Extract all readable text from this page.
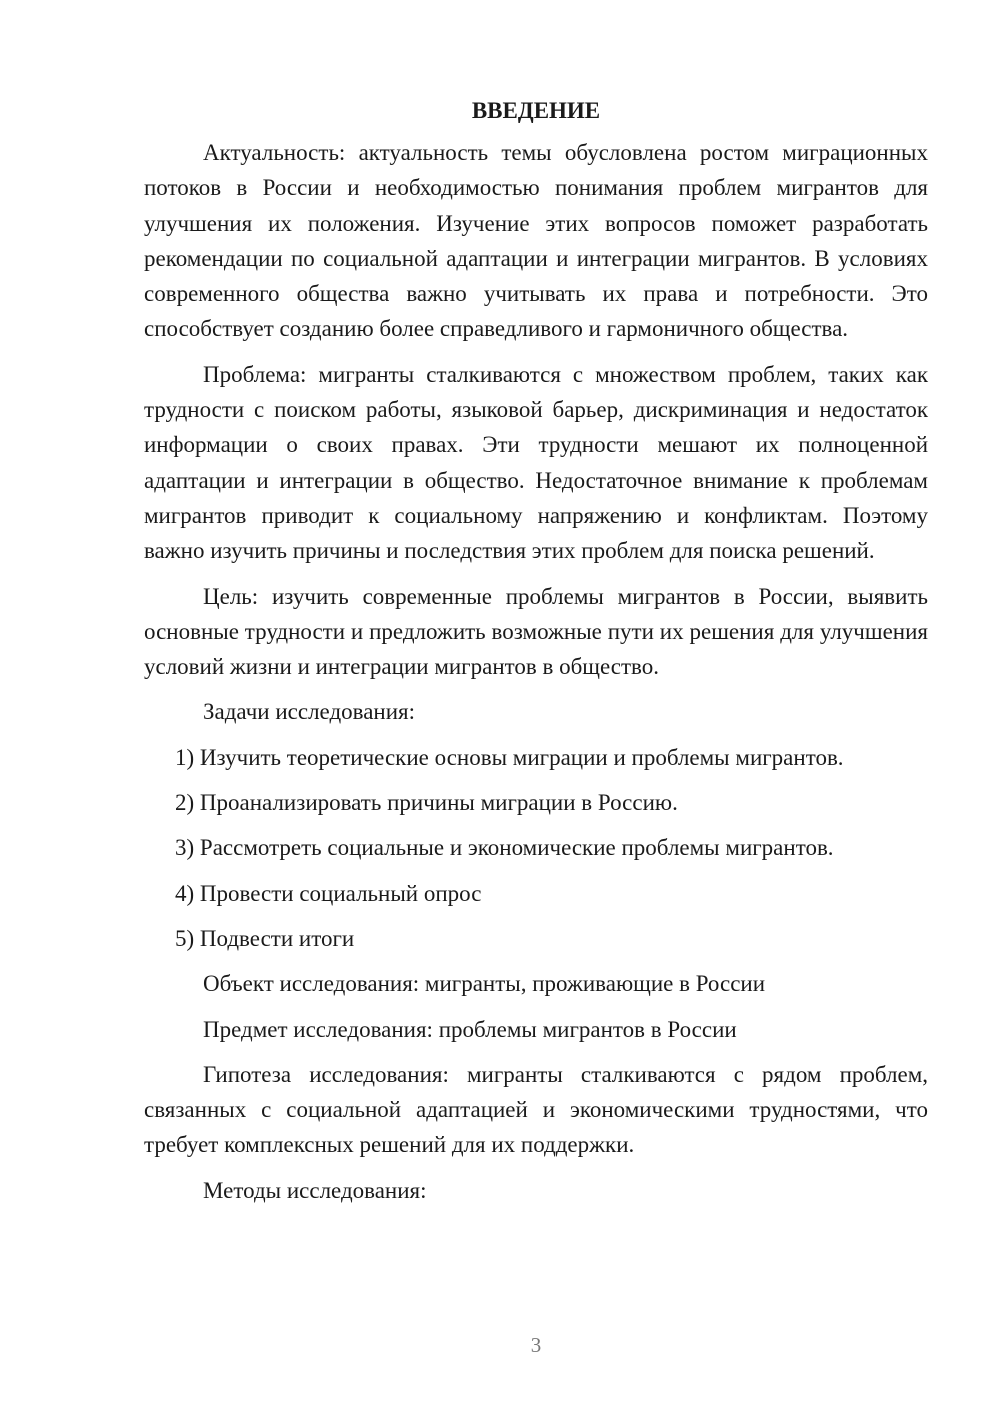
ВВЕДЕНИЕ

Актуальность: актуальность темы обусловлена ростом миграционных потоков в России и необходимостью понимания проблем мигрантов для улучшения их положения. Изучение этих вопросов поможет разработать рекомендации по социальной адаптации и интеграции мигрантов. В условиях современного общества важно учитывать их права и потребности. Это способствует созданию более справедливого и гармоничного общества.

Проблема: мигранты сталкиваются с множеством проблем, таких как трудности с поиском работы, языковой барьер, дискриминация и недостаток информации о своих правах. Эти трудности мешают их полноценной адаптации и интеграции в общество. Недостаточное внимание к проблемам мигрантов приводит к социальному напряжению и конфликтам. Поэтому важно изучить причины и последствия этих проблем для поиска решений.

Цель: изучить современные проблемы мигрантов в России, выявить основные трудности и предложить возможные пути их решения для улучшения условий жизни и интеграции мигрантов в общество.

Задачи исследования:
1) Изучить теоретические основы миграции и проблемы мигрантов.
2) Проанализировать причины миграции в Россию.
3) Рассмотреть социальные и экономические проблемы мигрантов.
4) Провести социальный опрос
5) Подвести итоги
Объект исследования: мигранты, проживающие в России
Предмет исследования: проблемы мигрантов в России

Гипотеза исследования: мигранты сталкиваются с рядом проблем, связанных с социальной адаптацией и экономическими трудностями, что требует комплексных решений для их поддержки.

Методы исследования:
3
